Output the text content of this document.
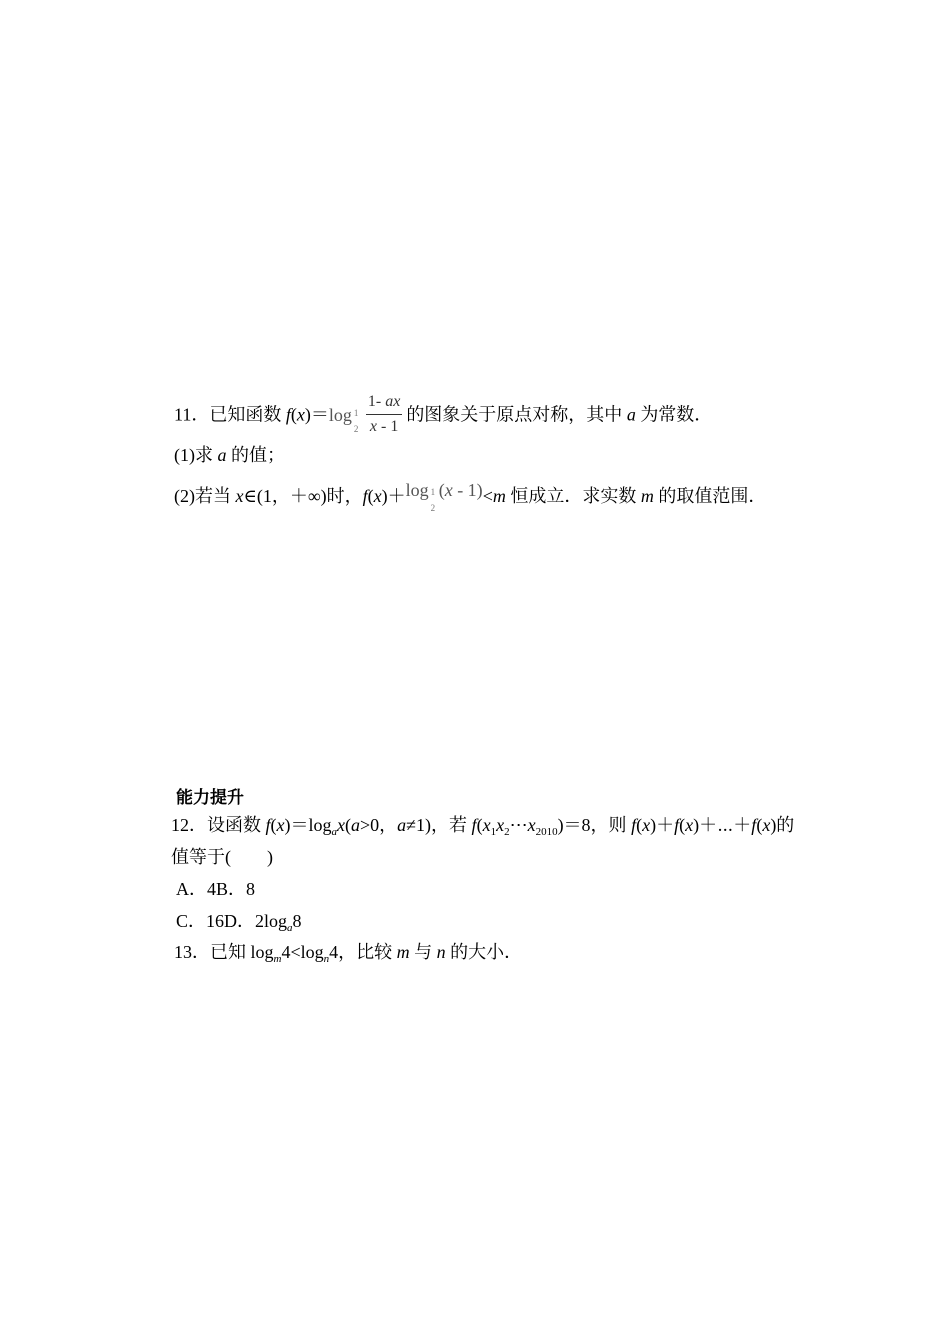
11．已知函数 f(x)＝log 1
$2 \frac{1- ax}{x - 1}$ 的图象关于原点对称，其中 a 为常数．
(1)求 a 的值；
(2)若当 x∈(1，＋∞)时，f(x)＋log 1
2
(x - 1)<m 恒成立．求实数 m 的取值范围．
能力提升
12．设函数 $f(x)=\log_ax(a>0$，a≠1)，若 $f(x_1x_2\cdots x_{2010})=8$，则 f(x)＋f(x)＋⋯＋f(x)的
值等于(　　)
A．4B．8
C．16D．$2\log_a8$
13．已知 $\log_m4<\log_n4$，比较 m 与 n 的大小．
